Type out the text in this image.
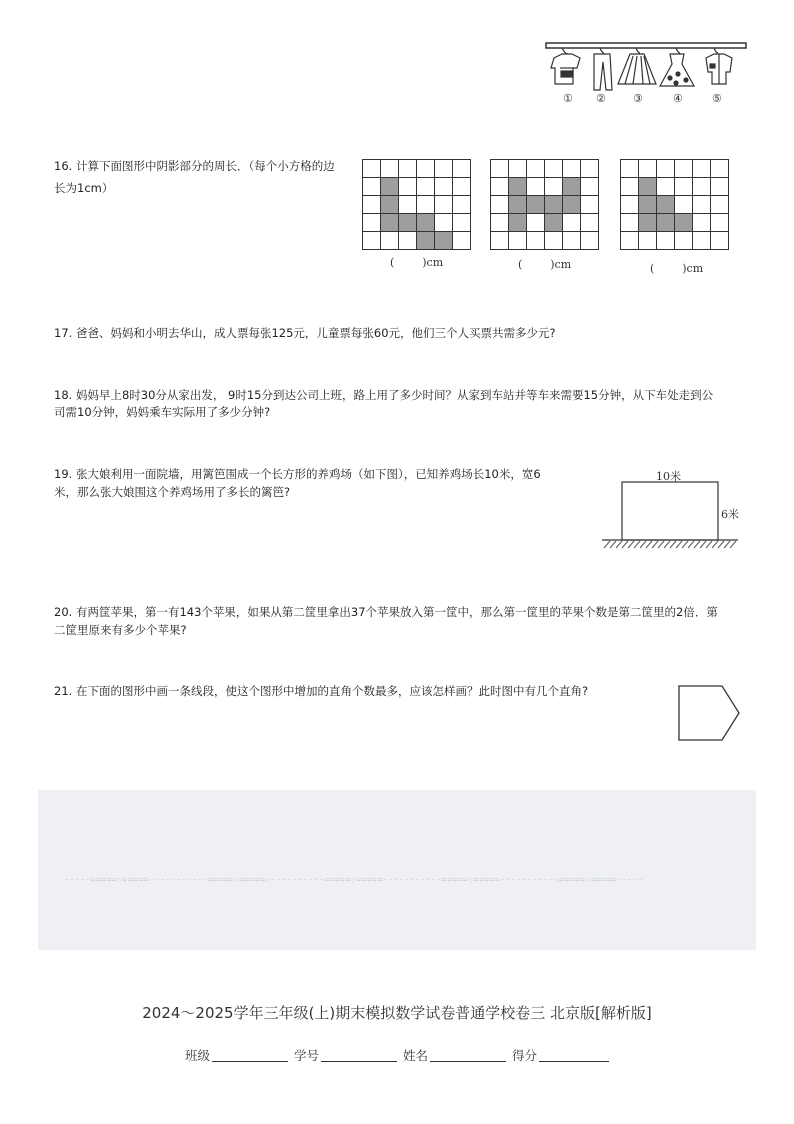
① ② ③	④	⑤
16. 计算下面图形中阴影部分的周长．（每个小方格的边长为1cm）
(        )cm	(        )cm	(        )cm
17. 爸爸、妈妈和小明去华山，成人票每张125元，儿童票每张60元，他们三个人买票共需多少元?
18. 妈妈早上8时30分从家出发， 9时15分到达公司上班，路上用了多少时间？从家到车站并等车来需要15分钟，从下车处走到公
司需10分钟，妈妈乘车实际用了多少分钟?
19. 张大娘利用一面院墙，用篱笆围成一个长方形的养鸡场（如下图），已知养鸡场长10米，宽6
米，那么张大娘围这个养鸡场用了多长的篱笆?
10米
6米
20. 有两筐苹果，第一有143个苹果，如果从第二筐里拿出37个苹果放入第一筐中，那么第一筐里的苹果个数是第二筐里的2倍．第
二筐里原来有多少个苹果?
21. 在下面的图形中画一条线段，使这个图形中增加的直角个数最多，应该怎样画？此时图中有几个直角?
-----=====☆=====-----------=====☆=====-----------=====☆=====-----------=====☆=====-----------=====☆=====-----
2024～2025学年三年级(上)期末模拟数学试卷普通学校卷三 北京版[解析版]
班级	学号	姓名	得分
